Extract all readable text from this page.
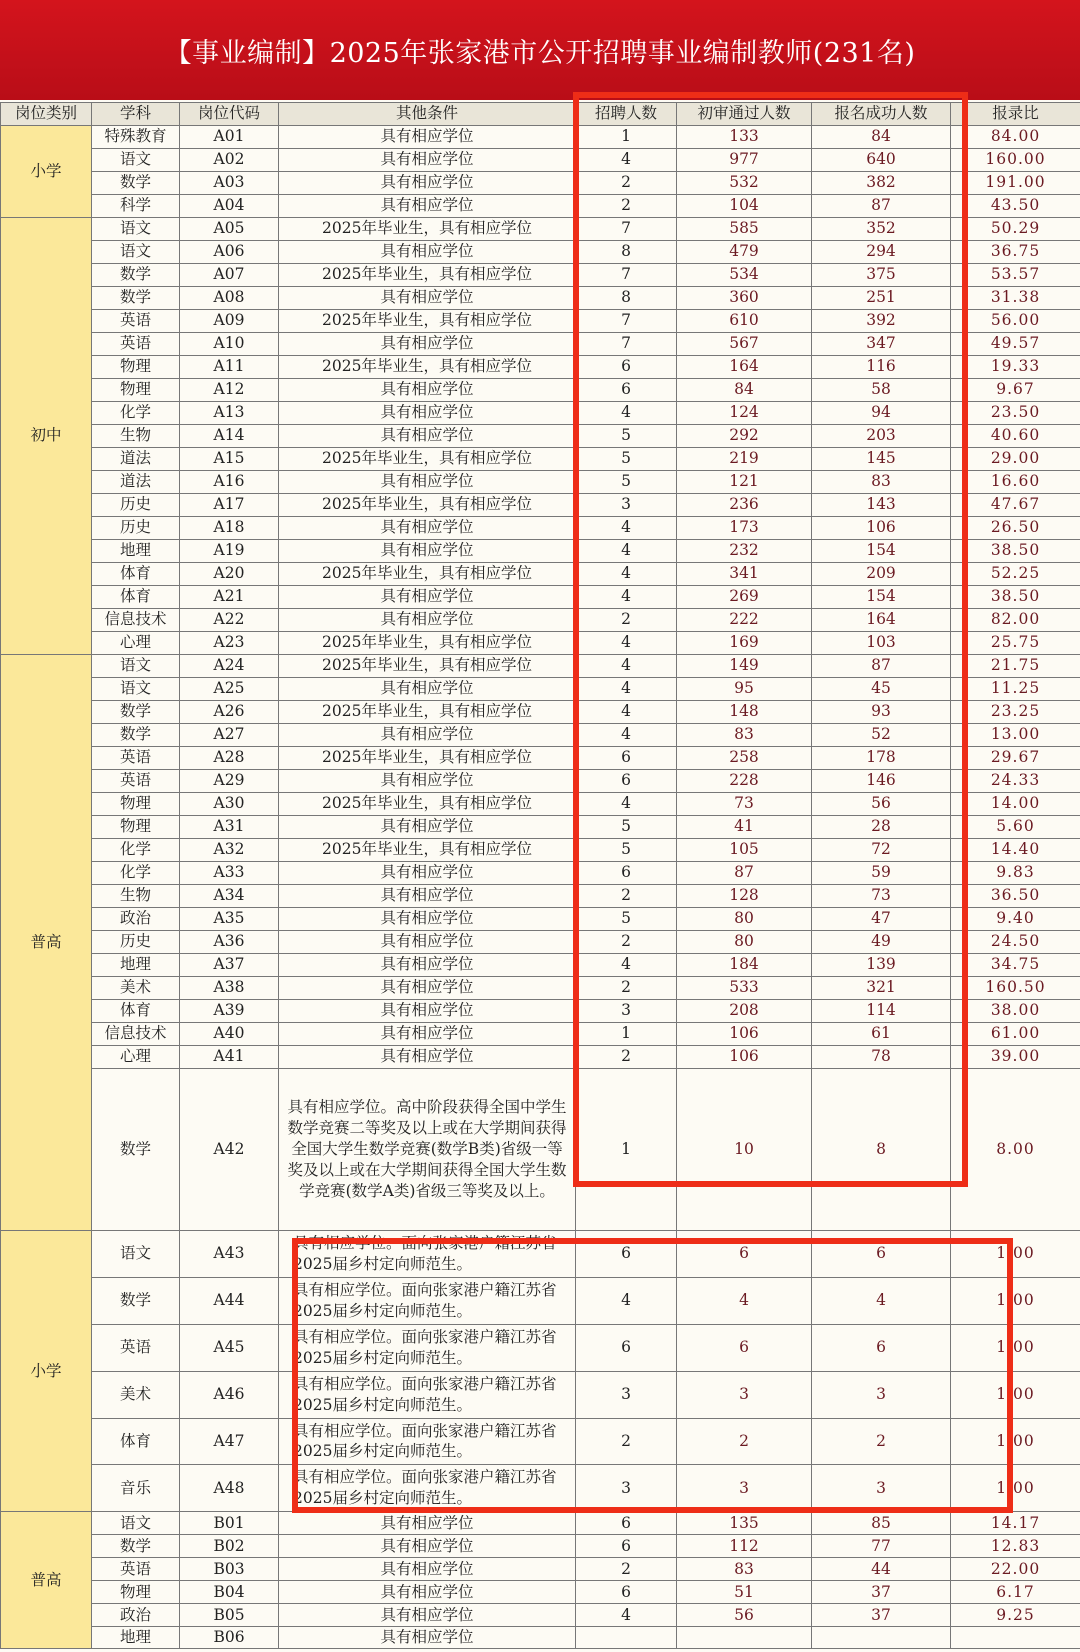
【事业编制】2025年张家港市公开招聘事业编制教师(231名)
岗位类别	学科	岗位代码	其他条件	招聘人数	初审通过人数	报名成功人数	报录比
小学	特殊教育	A01	具有相应学位	1	133	84	84.00
	语文	A02	具有相应学位	4	977	640	160.00
	数学	A03	具有相应学位	2	532	382	191.00
	科学	A04	具有相应学位	2	104	87	43.50
初中	语文	A05	2025年毕业生，具有相应学位	7	585	352	50.29
	语文	A06	具有相应学位	8	479	294	36.75
	数学	A07	2025年毕业生，具有相应学位	7	534	375	53.57
	数学	A08	具有相应学位	8	360	251	31.38
	英语	A09	2025年毕业生，具有相应学位	7	610	392	56.00
	英语	A10	具有相应学位	7	567	347	49.57
	物理	A11	2025年毕业生，具有相应学位	6	164	116	19.33
	物理	A12	具有相应学位	6	84	58	9.67
	化学	A13	具有相应学位	4	124	94	23.50
	生物	A14	具有相应学位	5	292	203	40.60
	道法	A15	2025年毕业生，具有相应学位	5	219	145	29.00
	道法	A16	具有相应学位	5	121	83	16.60
	历史	A17	2025年毕业生，具有相应学位	3	236	143	47.67
	历史	A18	具有相应学位	4	173	106	26.50
	地理	A19	具有相应学位	4	232	154	38.50
	体育	A20	2025年毕业生，具有相应学位	4	341	209	52.25
	体育	A21	具有相应学位	4	269	154	38.50
	信息技术	A22	具有相应学位	2	222	164	82.00
	心理	A23	2025年毕业生，具有相应学位	4	169	103	25.75
普高	语文	A24	2025年毕业生，具有相应学位	4	149	87	21.75
	语文	A25	具有相应学位	4	95	45	11.25
	数学	A26	2025年毕业生，具有相应学位	4	148	93	23.25
	数学	A27	具有相应学位	4	83	52	13.00
	英语	A28	2025年毕业生，具有相应学位	6	258	178	29.67
	英语	A29	具有相应学位	6	228	146	24.33
	物理	A30	2025年毕业生，具有相应学位	4	73	56	14.00
	物理	A31	具有相应学位	5	41	28	5.60
	化学	A32	2025年毕业生，具有相应学位	5	105	72	14.40
	化学	A33	具有相应学位	6	87	59	9.83
	生物	A34	具有相应学位	2	128	73	36.50
	政治	A35	具有相应学位	5	80	47	9.40
	历史	A36	具有相应学位	2	80	49	24.50
	地理	A37	具有相应学位	4	184	139	34.75
	美术	A38	具有相应学位	2	533	321	160.50
	体育	A39	具有相应学位	3	208	114	38.00
	信息技术	A40	具有相应学位	1	106	61	61.00
	心理	A41	具有相应学位	2	106	78	39.00
	数学	A42	具有相应学位。高中阶段获得全国中学生数学竞赛二等奖及以上或在大学期间获得全国大学生数学竞赛(数学B类)省级一等奖及以上或在大学期间获得全国大学生数学竞赛(数学A类)省级三等奖及以上。	1	10	8	8.00
小学	语文	A43	具有相应学位。面向张家港户籍江苏省2025届乡村定向师范生。	6	6	6	1.00
	数学	A44	具有相应学位。面向张家港户籍江苏省2025届乡村定向师范生。	4	4	4	1.00
	英语	A45	具有相应学位。面向张家港户籍江苏省2025届乡村定向师范生。	6	6	6	1.00
	美术	A46	具有相应学位。面向张家港户籍江苏省2025届乡村定向师范生。	3	3	3	1.00
	体育	A47	具有相应学位。面向张家港户籍江苏省2025届乡村定向师范生。	2	2	2	1.00
	音乐	A48	具有相应学位。面向张家港户籍江苏省2025届乡村定向师范生。	3	3	3	1.00
普高	语文	B01	具有相应学位	6	135	85	14.17
	数学	B02	具有相应学位	6	112	77	12.83
	英语	B03	具有相应学位	2	83	44	22.00
	物理	B04	具有相应学位	6	51	37	6.17
	政治	B05	具有相应学位	4	56	37	9.25
	地理	B06	具有相应学位				
